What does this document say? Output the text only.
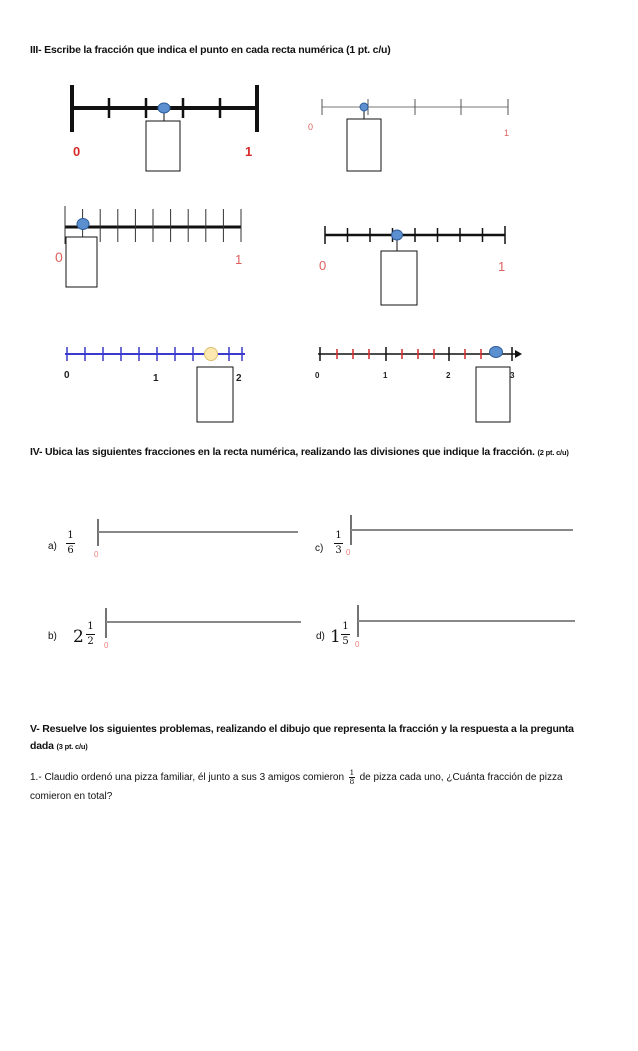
III- Escribe la fracción que indica el punto en cada recta numérica (1 pt. c/u)
0	1
0
1
0	1	0	1
0	1	2	0	1	2	3
IV- Ubica las siguientes fracciones en la recta numérica, realizando las divisiones que indique la fracción. (2 pt. c/u)
a)
1
6	0
c)
1
3 0
b) 2
1
2 0
d) 1
1
5 0
V- Resuelve los siguientes problemas, realizando el dibujo que representa la fracción y la respuesta a la pregunta
dada (3 pt. c/u)
1.- Claudio ordenó una pizza familiar, él junto a sus 3 amigos comieron $\frac{1}{8}$ de pizza cada uno, ¿Cuánta fracción de pizza
comieron en total?
